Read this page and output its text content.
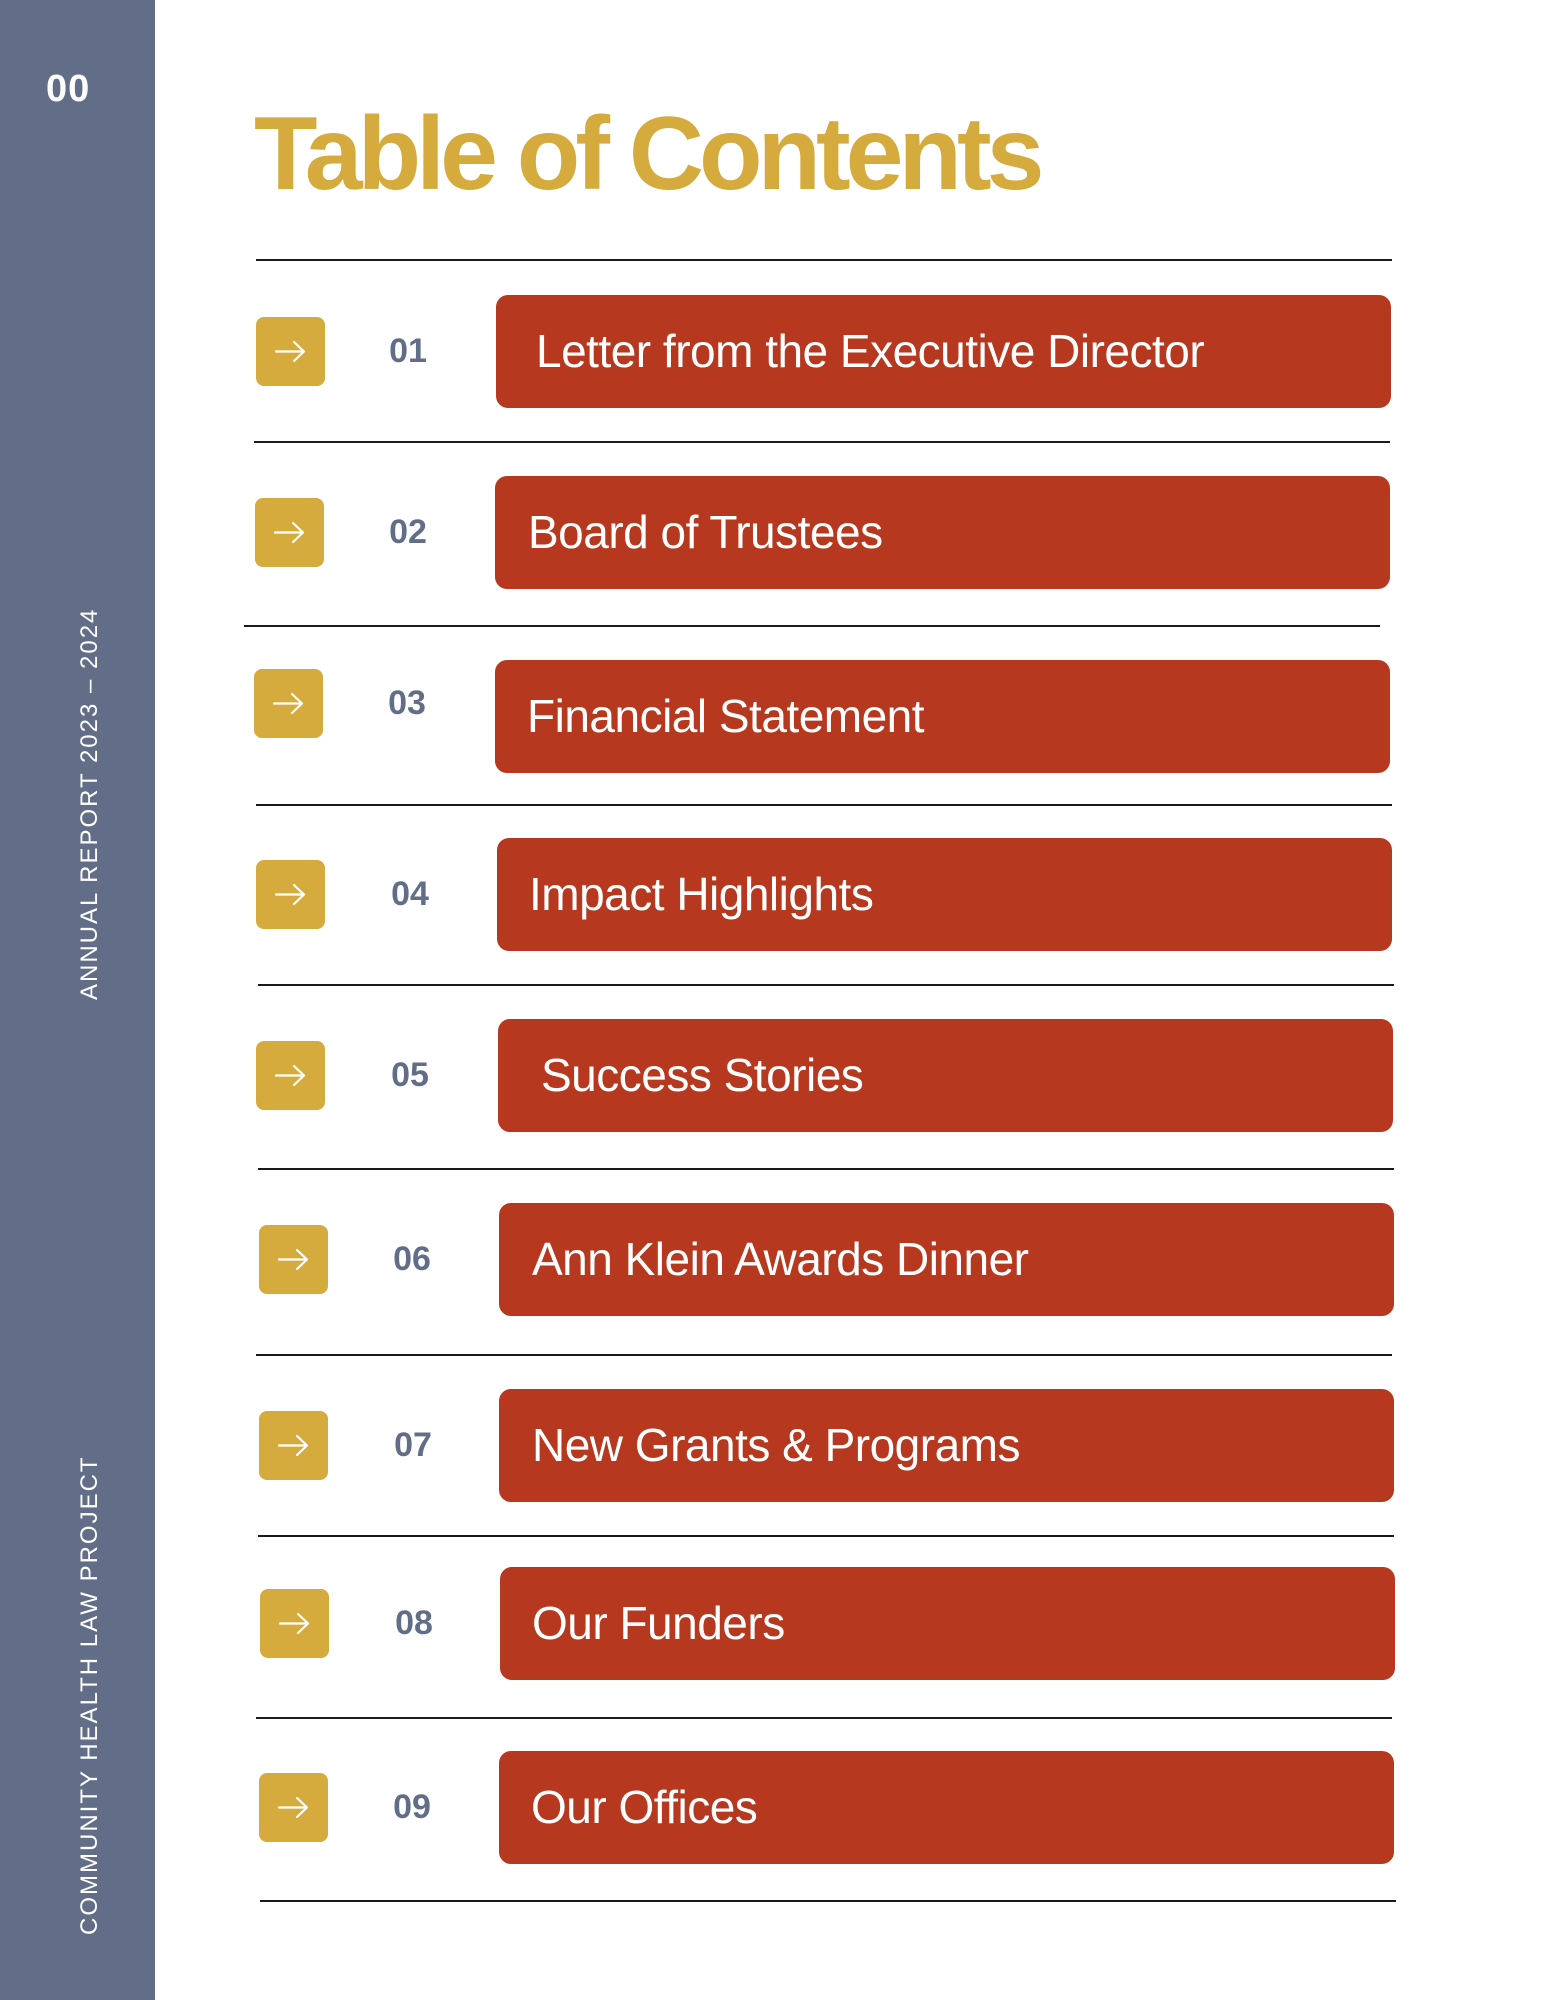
00
ANNUAL REPORT 2023 – 2024
COMMUNITY HEALTH LAW PROJECT
Table of Contents
01	Letter from the Executive Director
02	Board of Trustees
03	Financial Statement
04	Impact Highlights
05	Success Stories
06	Ann Klein Awards Dinner
07	New Grants & Programs
08	Our Funders
09	Our Offices
